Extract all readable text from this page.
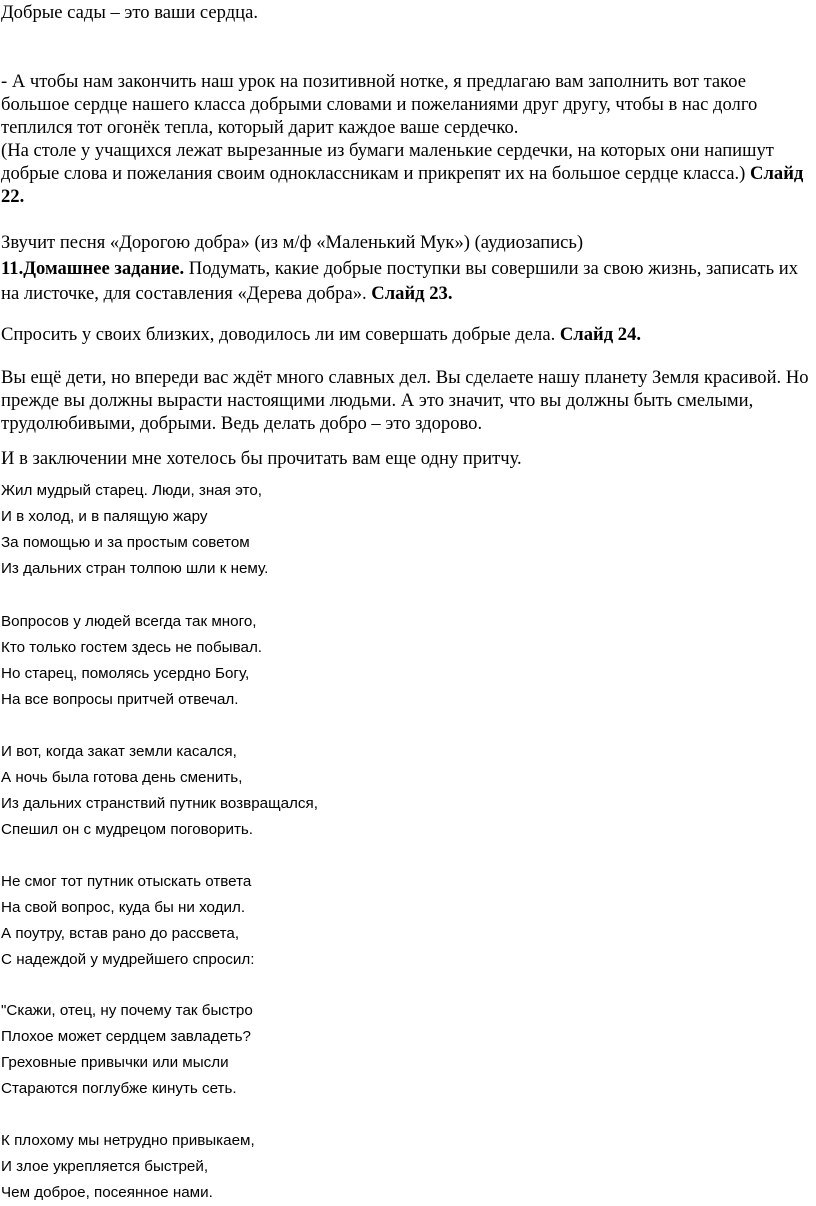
Добрые сады – это ваши сердца.

- А чтобы нам закончить наш урок на позитивной нотке, я предлагаю вам заполнить вот такое большое сердце нашего класса добрыми словами и пожеланиями друг другу, чтобы в нас долго теплился тот огонёк тепла, который дарит каждое ваше сердечко.

(На столе у учащихся лежат вырезанные из бумаги маленькие сердечки, на которых они напишут добрые слова и пожелания своим одноклассникам и прикрепят их на большое сердце класса.) Слайд 22.

Звучит песня «Дорогою добра» (из м/ф «Маленький Мук») (аудиозапись)

11.Домашнее задание. Подумать, какие добрые поступки вы совершили за свою жизнь, записать их на листочке, для составления «Дерева добра». Слайд 23.

Спросить у своих близких, доводилось ли им совершать добрые дела. Слайд 24.

Вы ещё дети, но впереди вас ждёт много славных дел. Вы сделаете нашу планету Земля красивой. Но прежде вы должны вырасти настоящими людьми. А это значит, что вы должны быть смелыми, трудолюбивыми, добрыми. Ведь делать добро – это здорово.

И в заключении мне хотелось бы прочитать вам еще одну притчу.

Жил мудрый старец. Люди, зная это,
И в холод, и в палящую жару
За помощью и за простым советом
Из дальних стран толпою шли к нему.
Вопросов у людей всегда так много,
Кто только гостем здесь не побывал.
Но старец, помолясь усердно Богу,
На все вопросы притчей отвечал.
И вот, когда закат земли касался,
А ночь была готова день сменить,
Из дальних странствий путник возвращался,
Спешил он с мудрецом поговорить.
Не смог тот путник отыскать ответа
На свой вопрос, куда бы ни ходил.
А поутру, встав рано до рассвета,
С надеждой у мудрейшего спросил:
"Скажи, отец, ну почему так быстро
Плохое может сердцем завладеть?
Греховные привычки или мысли
Стараются поглубже кинуть сеть.
К плохому мы нетрудно привыкаем,
И злое укрепляется быстрей,
Чем доброе, посеянное нами.
